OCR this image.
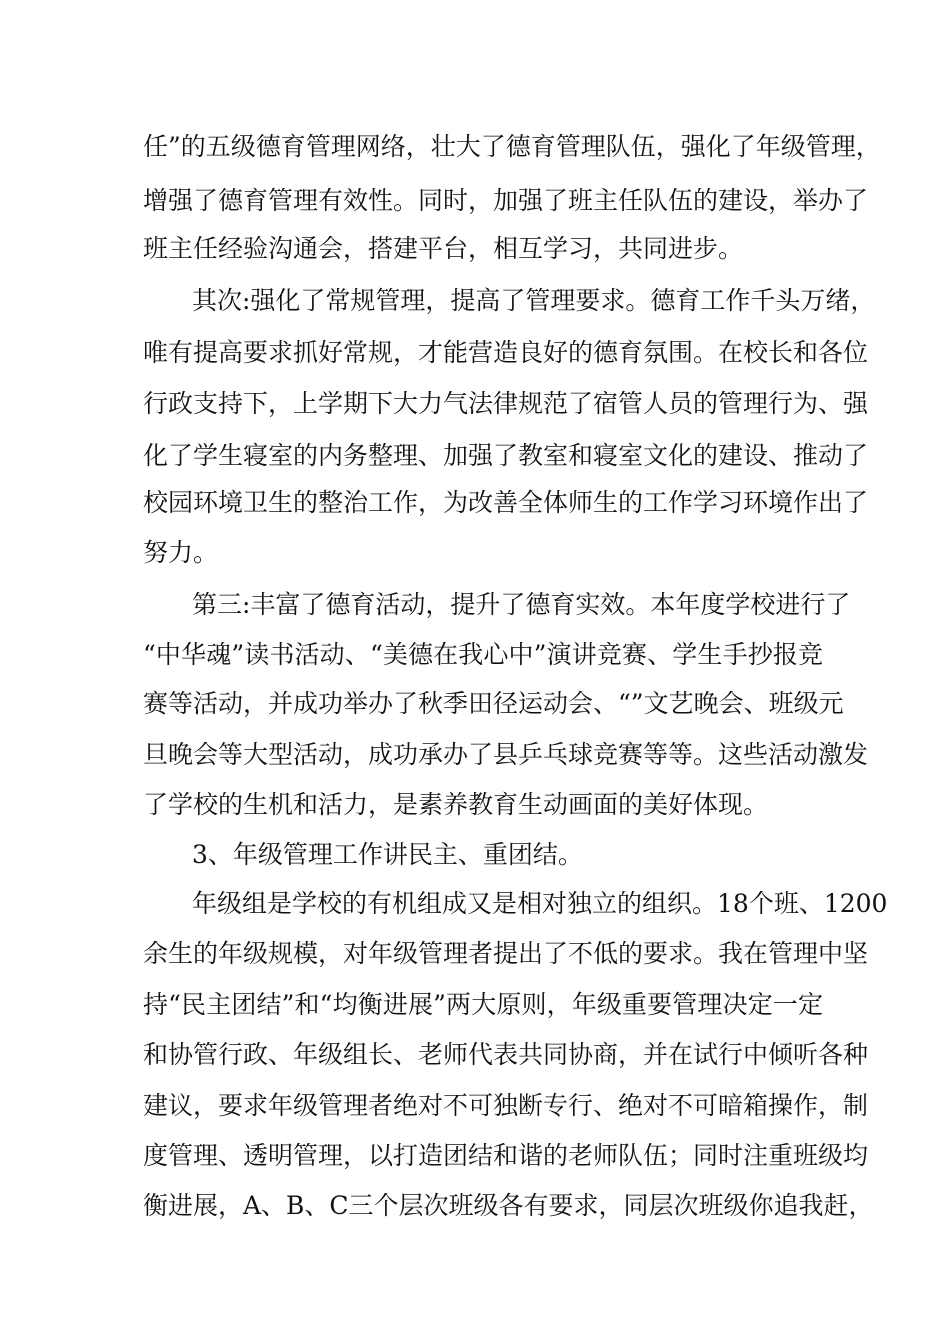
任”的五级德育管理网络，壮大了德育管理队伍，强化了年级管理，
增强了德育管理有效性。同时，加强了班主任队伍的建设，举办了
班主任经验沟通会，搭建平台，相互学习，共同进步。
其次:强化了常规管理，提高了管理要求。德育工作千头万绪，
唯有提高要求抓好常规，才能营造良好的德育氛围。在校长和各位
行政支持下，上学期下大力气法律规范了宿管人员的管理行为、强
化了学生寝室的内务整理、加强了教室和寝室文化的建设、推动了
校园环境卫生的整治工作，为改善全体师生的工作学习环境作出了
努力。
第三:丰富了德育活动，提升了德育实效。本年度学校进行了
“中华魂”读书活动、“美德在我心中”演讲竞赛、学生手抄报竞
赛等活动，并成功举办了秋季田径运动会、“”文艺晚会、班级元
旦晚会等大型活动，成功承办了县乒乓球竞赛等等。这些活动激发
了学校的生机和活力，是素养教育生动画面的美好体现。
3、年级管理工作讲民主、重团结。
年级组是学校的有机组成又是相对独立的组织。18个班、1200
余生的年级规模，对年级管理者提出了不低的要求。我在管理中坚
持“民主团结”和“均衡进展”两大原则，年级重要管理决定一定
和协管行政、年级组长、老师代表共同协商，并在试行中倾听各种
建议，要求年级管理者绝对不可独断专行、绝对不可暗箱操作，制
度管理、透明管理，以打造团结和谐的老师队伍；同时注重班级均
衡进展，A、B、C三个层次班级各有要求，同层次班级你追我赶，
